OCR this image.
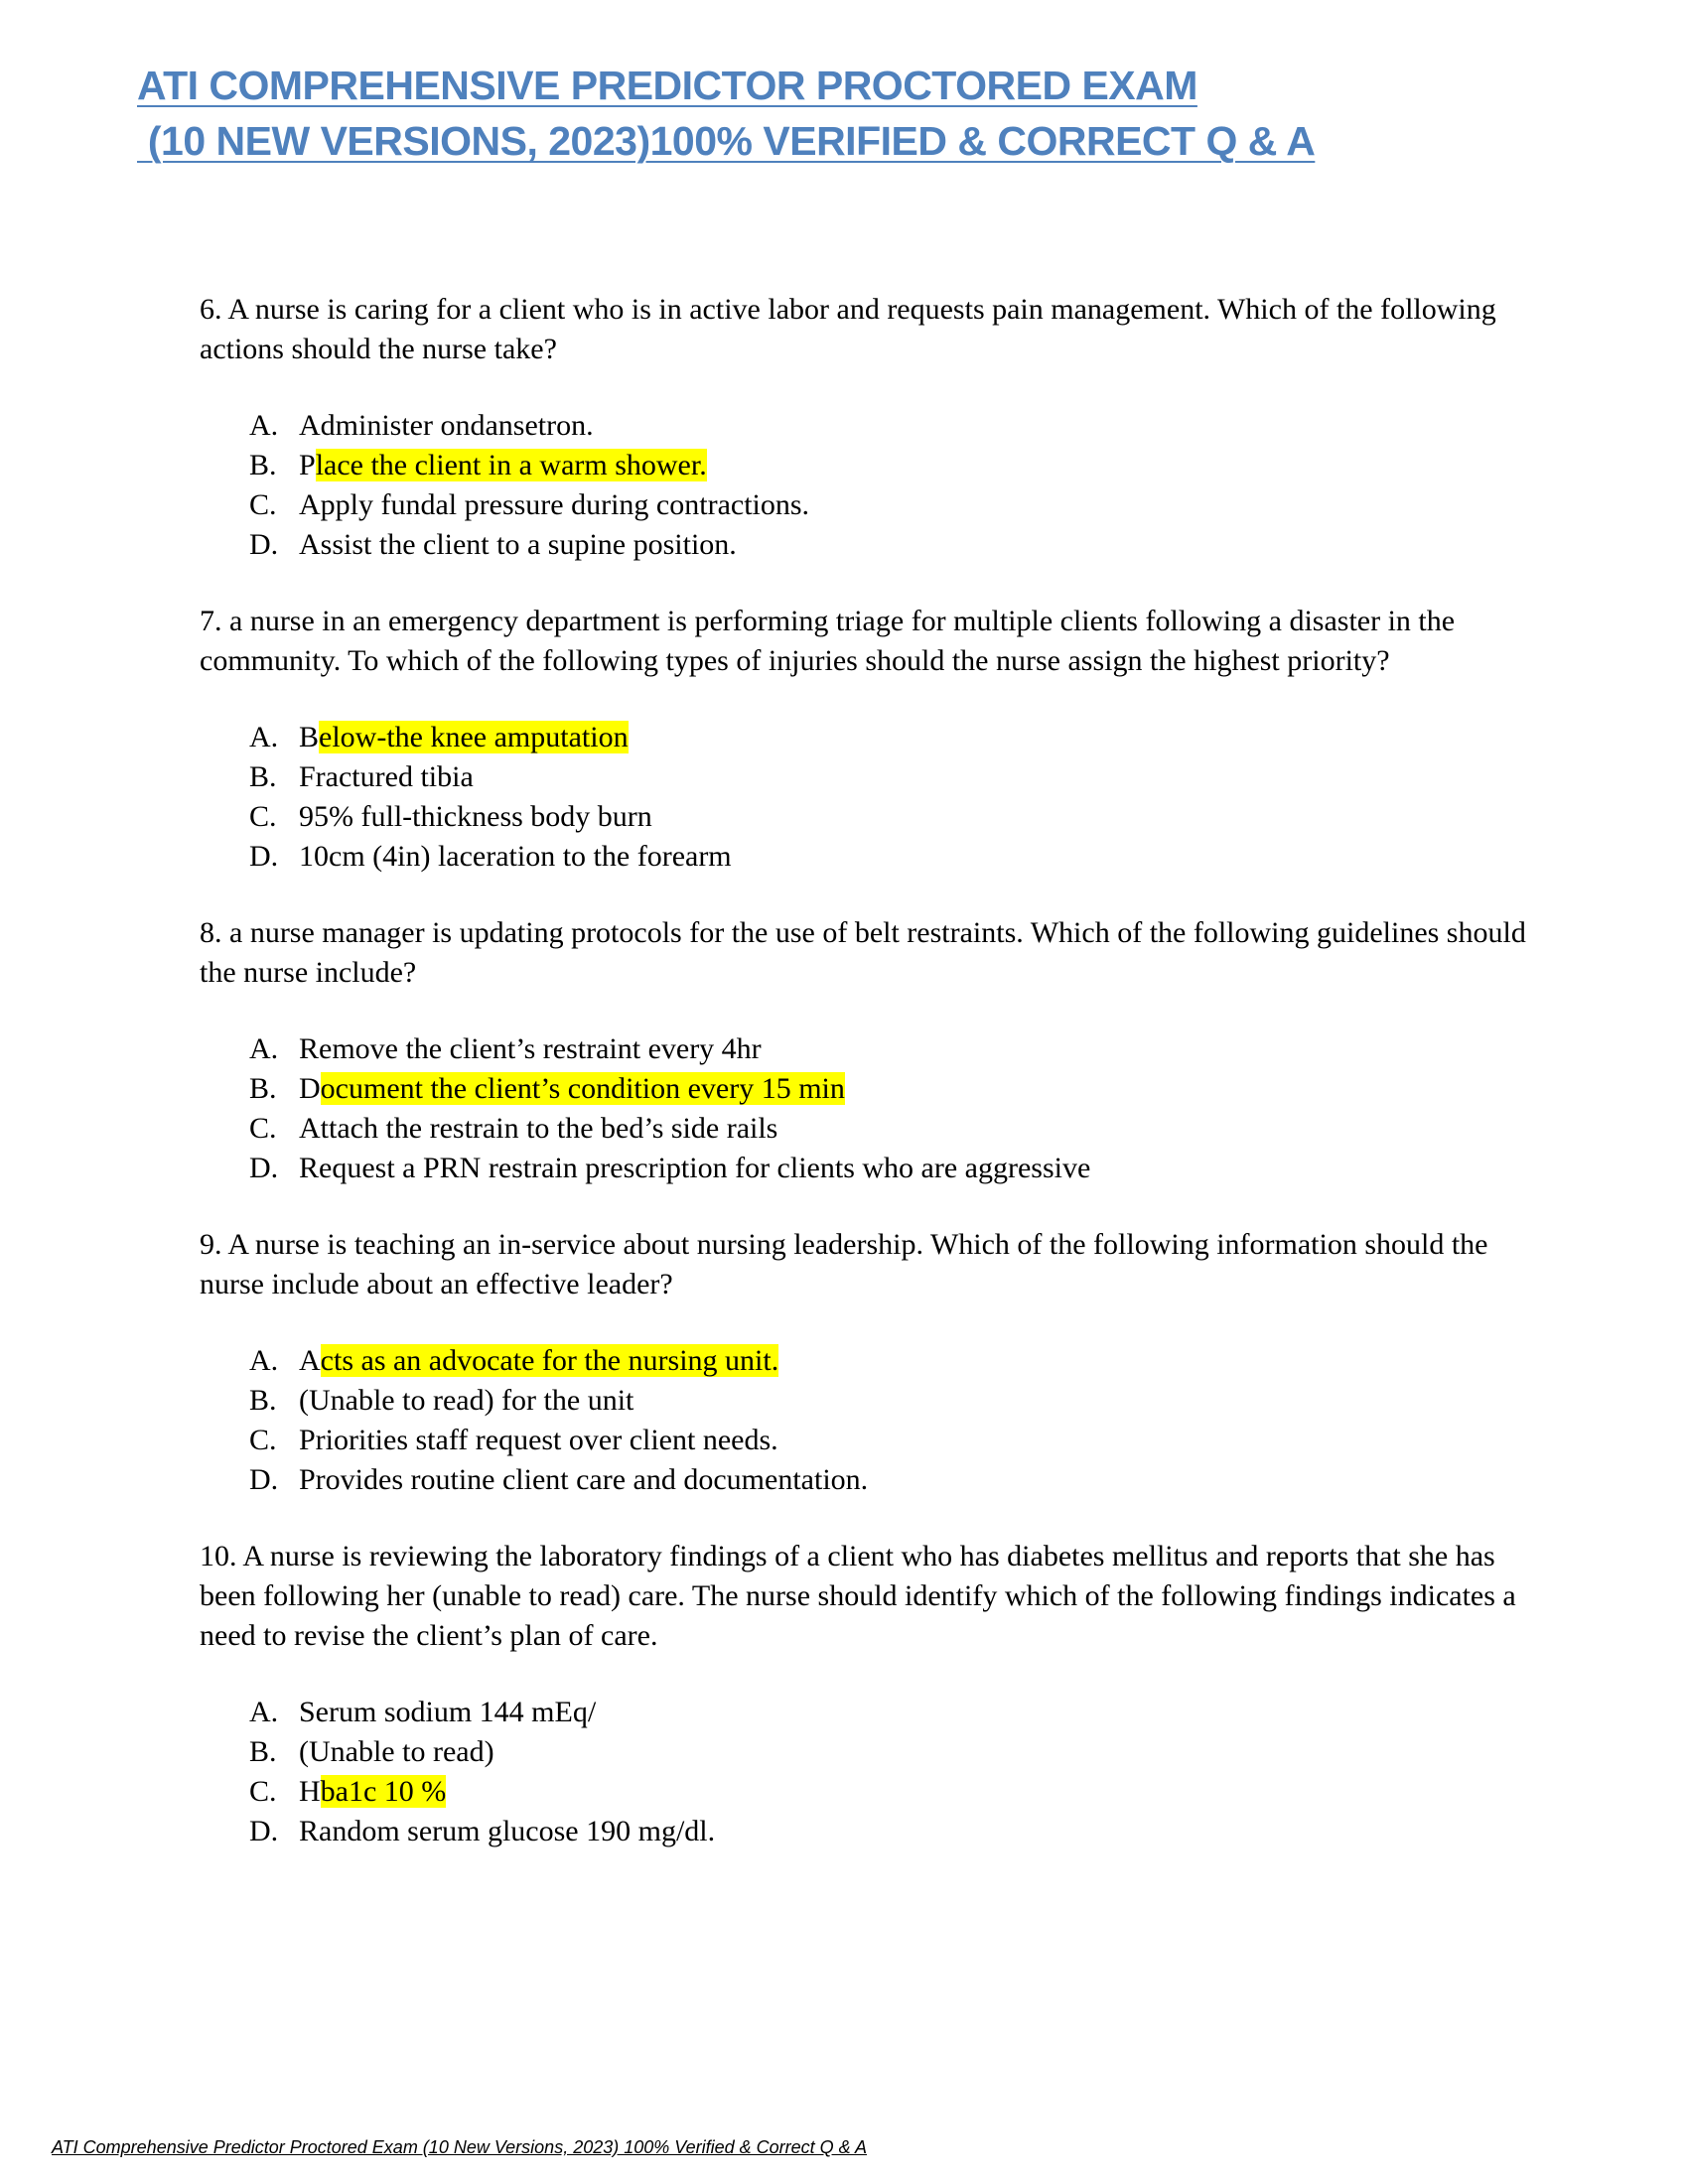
ATI COMPREHENSIVE PREDICTOR PROCTORED EXAM
(10 NEW VERSIONS, 2023)100% VERIFIED & CORRECT Q & A

6. A nurse is caring for a client who is in active labor and requests pain management. Which of the following actions should the nurse take?

A. Administer ondansetron.
B. Place the client in a warm shower.
C. Apply fundal pressure during contractions.
D. Assist the client to a supine position.

7. a nurse in an emergency department is performing triage for multiple clients following a disaster in the community. To which of the following types of injuries should the nurse assign the highest priority?

A. Below-the knee amputation
B. Fractured tibia
C. 95% full-thickness body burn
D. 10cm (4in) laceration to the forearm

8. a nurse manager is updating protocols for the use of belt restraints. Which of the following guidelines should the nurse include?

A. Remove the client’s restraint every 4hr
B. Document the client’s condition every 15 min
C. Attach the restrain to the bed’s side rails
D. Request a PRN restrain prescription for clients who are aggressive

9. A nurse is teaching an in-service about nursing leadership. Which of the following information should the nurse include about an effective leader?

A. Acts as an advocate for the nursing unit.
B. (Unable to read) for the unit
C. Priorities staff request over client needs.
D. Provides routine client care and documentation.

10. A nurse is reviewing the laboratory findings of a client who has diabetes mellitus and reports that she has been following her (unable to read) care. The nurse should identify which of the following findings indicates a need to revise the client’s plan of care.

A. Serum sodium 144 mEq/
B. (Unable to read)
C. Hba1c 10 %
D. Random serum glucose 190 mg/dl.
ATI Comprehensive Predictor Proctored Exam (10 New Versions, 2023) 100% Verified & Correct Q & A
